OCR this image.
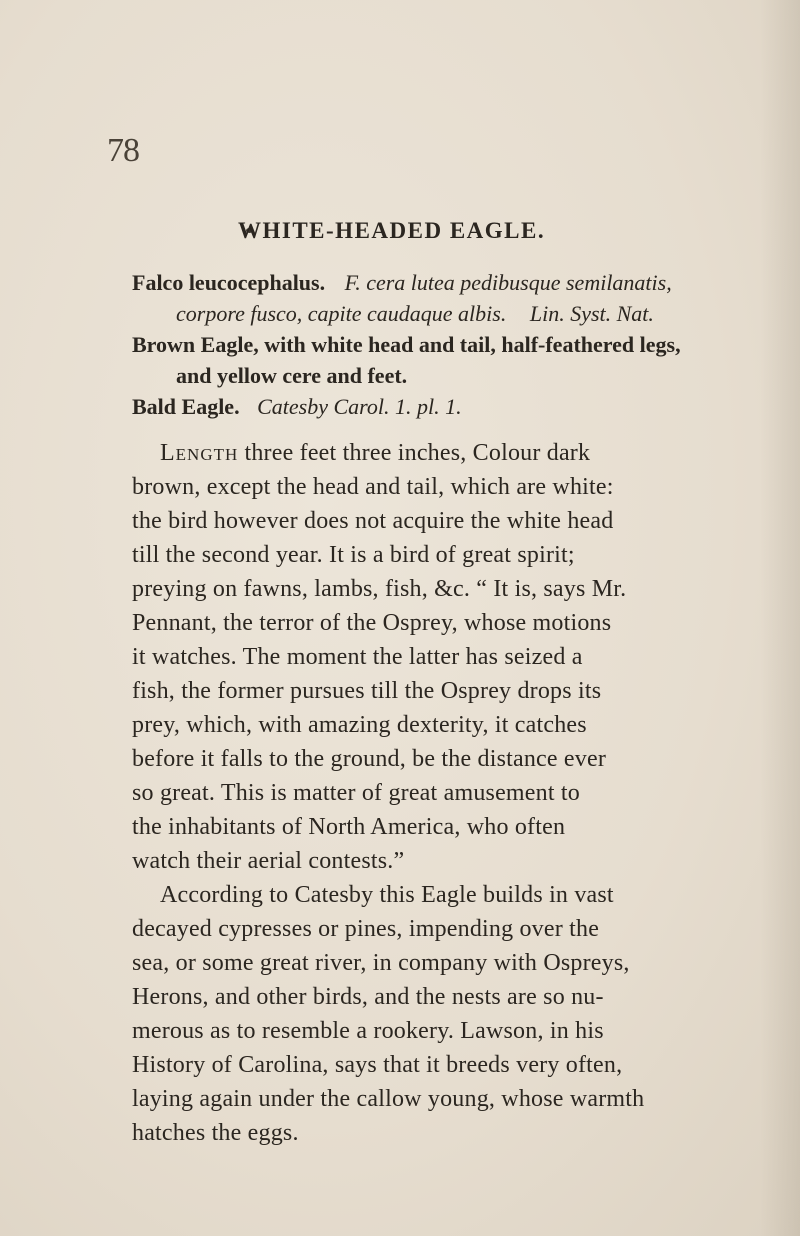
78
WHITE-HEADED EAGLE.
Falco leucocephalus. F. cera lutea pedibusque semilanatis,
corpore fusco, capite caudaque albis. Lin. Syst. Nat.
Brown Eagle, with white head and tail, half-feathered legs,
and yellow cere and feet.
Bald Eagle. Catesby Carol. 1. pl. 1.
Length three feet three inches, Colour dark
brown, except the head and tail, which are white:
the bird however does not acquire the white head
till the second year. It is a bird of great spirit;
preying on fawns, lambs, fish, &c. “ It is, says Mr.
Pennant, the terror of the Osprey, whose motions
it watches. The moment the latter has seized a
fish, the former pursues till the Osprey drops its
prey, which, with amazing dexterity, it catches
before it falls to the ground, be the distance ever
so great. This is matter of great amusement to
the inhabitants of North America, who often
watch their aerial contests.”
According to Catesby this Eagle builds in vast
decayed cypresses or pines, impending over the
sea, or some great river, in company with Ospreys,
Herons, and other birds, and the nests are so nu-
merous as to resemble a rookery. Lawson, in his
History of Carolina, says that it breeds very often,
laying again under the callow young, whose warmth
hatches the eggs.
